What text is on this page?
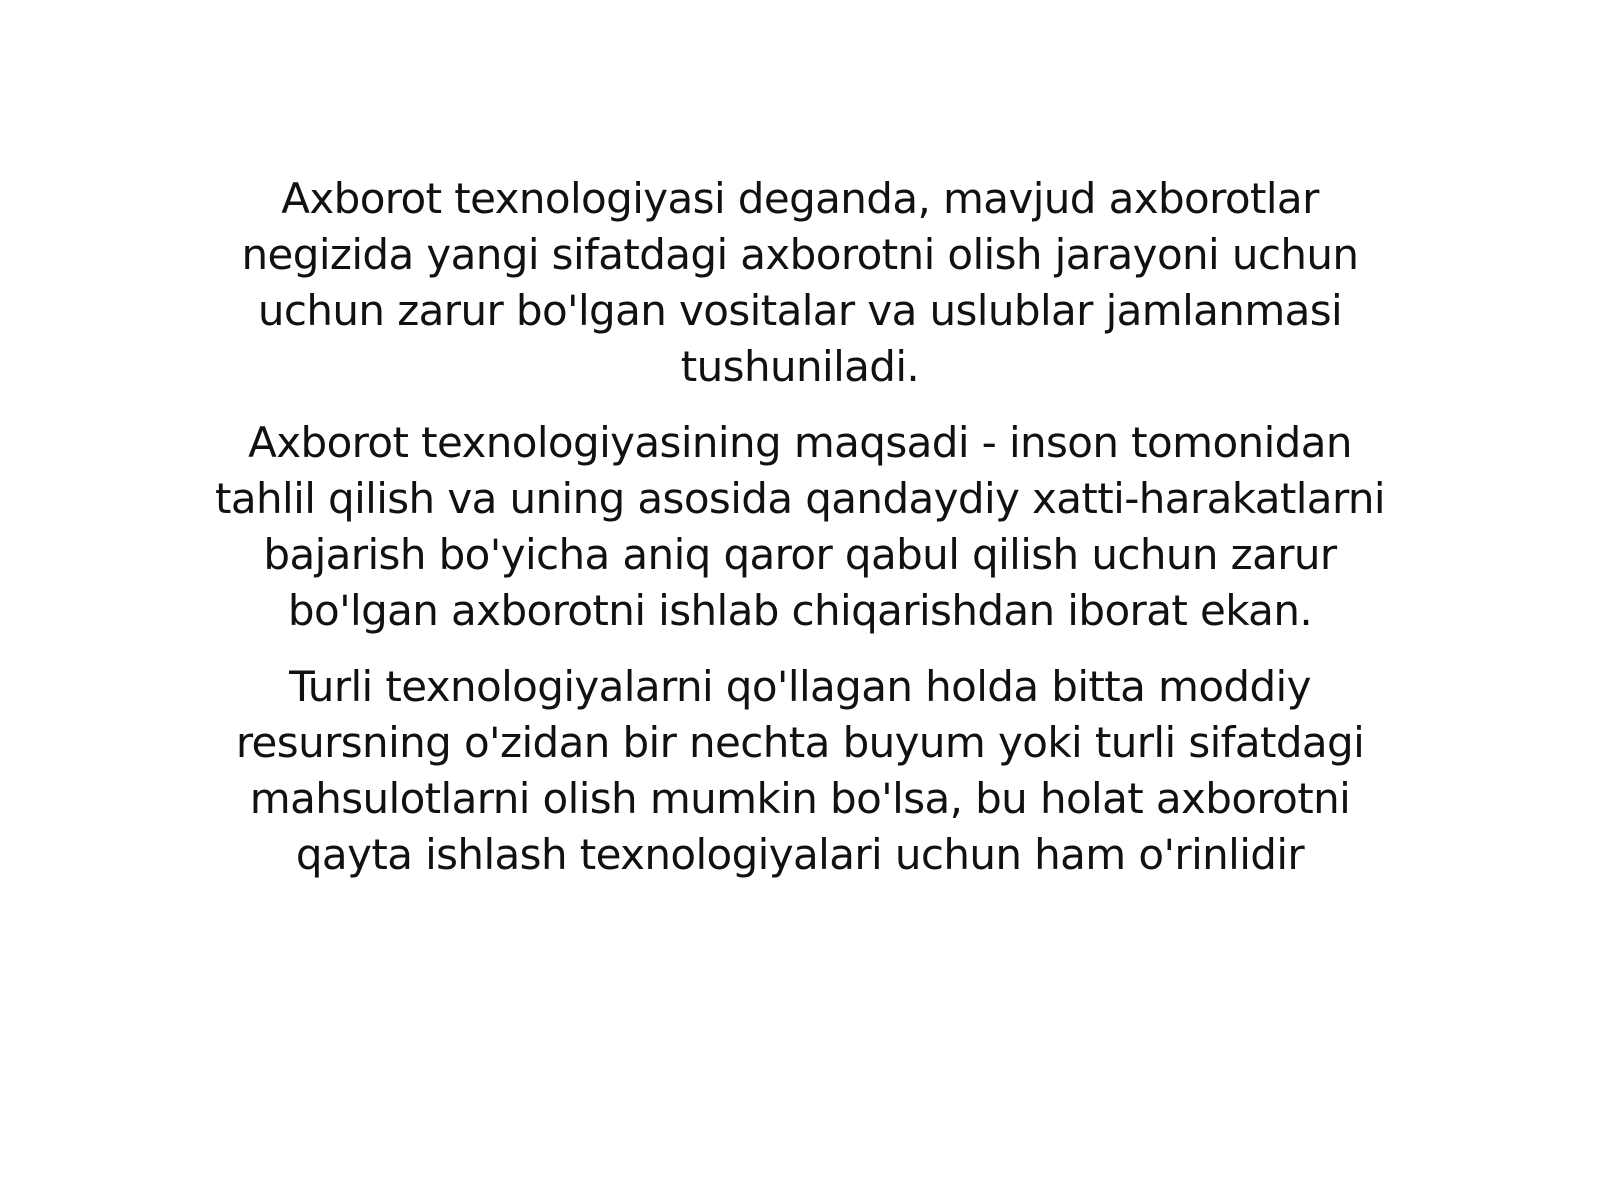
Axborot texnologiyasi deganda, mavjud axborotlar
negizida yangi sifatdagi axborotni olish jarayoni uchun
uchun zarur bo'lgan vositalar va uslublar jamlanmasi
tushuniladi.

Axborot texnologiyasining maqsadi - inson tomonidan
tahlil qilish va uning asosida qandaydiy xatti-harakatlarni
bajarish bo'yicha aniq qaror qabul qilish uchun zarur
bo'lgan axborotni ishlab chiqarishdan iborat ekan.

Turli texnologiyalarni qo'llagan holda bitta moddiy
resursning o'zidan bir nechta buyum yoki turli sifatdagi
mahsulotlarni olish mumkin bo'lsa, bu holat axborotni
qayta ishlash texnologiyalari uchun ham o'rinlidir
